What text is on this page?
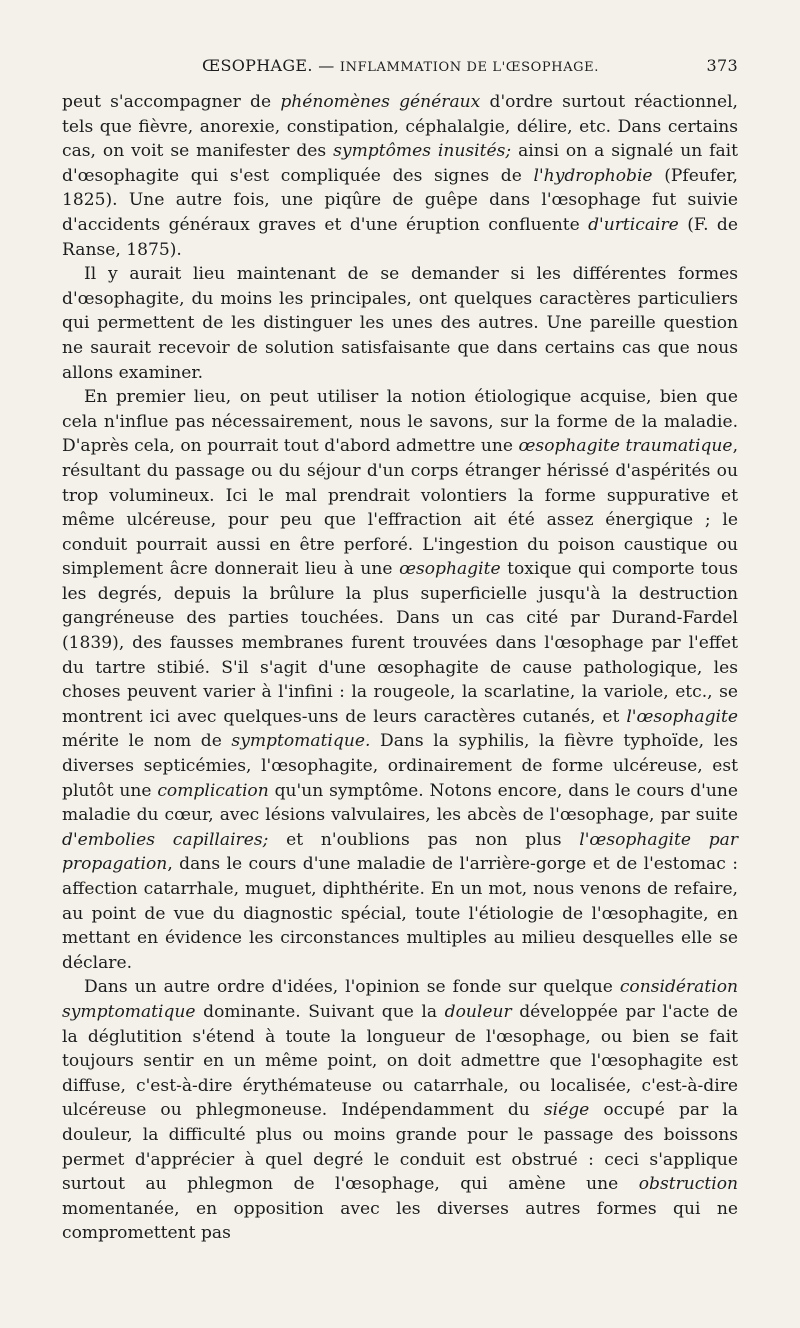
ŒSOPHAGE. — INFLAMMATION DE L'ŒSOPHAGE.	373

peut s'accompagner de phénomènes généraux d'ordre surtout réactionnel, tels que fièvre, anorexie, constipation, céphalalgie, délire, etc. Dans certains cas, on voit se manifester des symptômes inusités; ainsi on a signalé un fait d'œsophagite qui s'est compliquée des signes de l'hydrophobie (Pfeufer, 1825). Une autre fois, une piqûre de guêpe dans l'œsophage fut suivie d'accidents généraux graves et d'une éruption confluente d'urticaire (F. de Ranse, 1875).

Il y aurait lieu maintenant de se demander si les différentes formes d'œsophagite, du moins les principales, ont quelques caractères particuliers qui permettent de les distinguer les unes des autres. Une pareille question ne saurait recevoir de solution satisfaisante que dans certains cas que nous allons examiner.

En premier lieu, on peut utiliser la notion étiologique acquise, bien que cela n'influe pas nécessairement, nous le savons, sur la forme de la maladie. D'après cela, on pourrait tout d'abord admettre une œsophagite traumatique, résultant du passage ou du séjour d'un corps étranger hérissé d'aspérités ou trop volumineux. Ici le mal prendrait volontiers la forme suppurative et même ulcéreuse, pour peu que l'effraction ait été assez énergique ; le conduit pourrait aussi en être perforé. L'ingestion du poison caustique ou simplement âcre donnerait lieu à une œsophagite toxique qui comporte tous les degrés, depuis la brûlure la plus superficielle jusqu'à la destruction gangréneuse des parties touchées. Dans un cas cité par Durand-Fardel (1839), des fausses membranes furent trouvées dans l'œsophage par l'effet du tartre stibié. S'il s'agit d'une œsophagite de cause pathologique, les choses peuvent varier à l'infini : la rougeole, la scarlatine, la variole, etc., se montrent ici avec quelques-uns de leurs caractères cutanés, et l'œsophagite mérite le nom de symptomatique. Dans la syphilis, la fièvre typhoïde, les diverses septicémies, l'œsophagite, ordinairement de forme ulcéreuse, est plutôt une complication qu'un symptôme. Notons encore, dans le cours d'une maladie du cœur, avec lésions valvulaires, les abcès de l'œsophage, par suite d'embolies capillaires; et n'oublions pas non plus l'œsophagite par propagation, dans le cours d'une maladie de l'arrière-gorge et de l'estomac : affection catarrhale, muguet, diphthérite. En un mot, nous venons de refaire, au point de vue du diagnostic spécial, toute l'étiologie de l'œsophagite, en mettant en évidence les circonstances multiples au milieu desquelles elle se déclare.

Dans un autre ordre d'idées, l'opinion se fonde sur quelque considération symptomatique dominante. Suivant que la douleur développée par l'acte de la déglutition s'étend à toute la longueur de l'œsophage, ou bien se fait toujours sentir en un même point, on doit admettre que l'œsophagite est diffuse, c'est-à-dire érythémateuse ou catarrhale, ou localisée, c'est-à-dire ulcéreuse ou phlegmoneuse. Indépendamment du siége occupé par la douleur, la difficulté plus ou moins grande pour le passage des boissons permet d'apprécier à quel degré le conduit est obstrué : ceci s'applique surtout au phlegmon de l'œsophage, qui amène une obstruction momentanée, en opposition avec les diverses autres formes qui ne compromettent pas
